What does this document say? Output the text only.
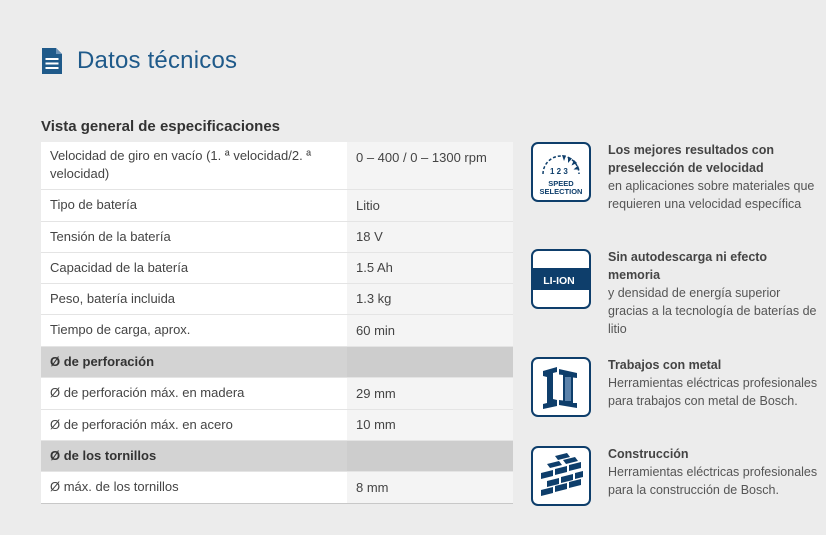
Datos técnicos
Vista general de especificaciones
Velocidad de giro en vacío (1. ª velocidad/2. ª velocidad)	0 – 400 / 0 – 1300 rpm
Tipo de batería	Litio
Tensión de la batería	18 V
Capacidad de la batería	1.5 Ah
Peso, batería incluida	1.3 kg
Tiempo de carga, aprox.	60 min
Ø de perforación	
Ø de perforación máx. en madera	29 mm
Ø de perforación máx. en acero	10 mm
Ø de los tornillos	
Ø máx. de los tornillos	8 mm
1 2 3
SPEED
SELECTION
Los mejores resultados con preselección de velocidad
en aplicaciones sobre materiales que requieren una velocidad específica
LI-ION
Sin autodescarga ni efecto memoria
y densidad de energía superior gracias a la tecnología de baterías de litio
Trabajos con metal
Herramientas eléctricas profesionales para trabajos con metal de Bosch.
Construcción
Herramientas eléctricas profesionales para la construcción de Bosch.
